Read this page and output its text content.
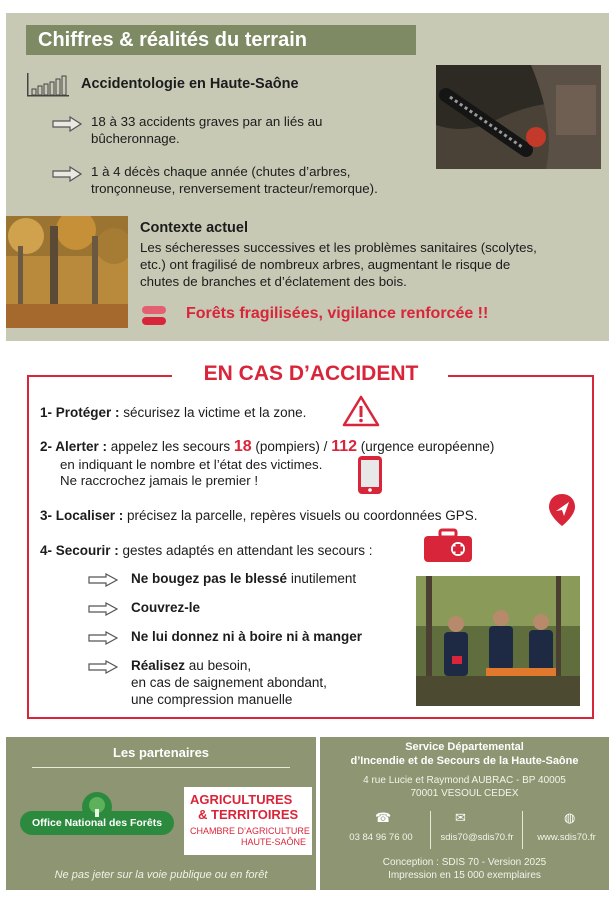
Chiffres & réalités du terrain
Accidentologie en Haute-Saône
18 à 33 accidents graves par an liés au
bûcheronnage.
1 à 4 décès chaque année (chutes d’arbres,
tronçonneuse, renversement tracteur/remorque).
Contexte actuel
Les sécheresses successives et les problèmes sanitaires (scolytes,
etc.) ont fragilisé de nombreux arbres, augmentant le risque de
chutes de branches et d’éclatement des bois.
Forêts fragilisées, vigilance renforcée !!
EN CAS D’ACCIDENT
1- Protéger : sécurisez la victime et la zone.
2- Alerter : appelez les secours 18 (pompiers) / 112 (urgence européenne)
en indiquant le nombre et l’état des victimes.
Ne raccrochez jamais le premier !
3- Localiser : précisez la parcelle, repères visuels ou coordonnées GPS.
4- Secourir : gestes adaptés en attendant les secours :
Ne bougez pas le blessé inutilement
Couvrez-le
Ne lui donnez ni à boire ni à manger
Réalisez au besoin,
en cas de saignement abondant,
une compression manuelle
Les partenaires
Office National des Forêts
AGRICULTURES
& TERRITOIRES
CHAMBRE D’AGRICULTURE
HAUTE-SAÔNE
Ne pas jeter sur la voie publique ou en forêt
Service Départemental
d’Incendie et de Secours de la Haute-Saône
4 rue Lucie et Raymond AUBRAC - BP 40005
70001 VESOUL CEDEX
☎	✉	◍
03 84 96 76 00	sdis70@sdis70.fr	www.sdis70.fr
Conception : SDIS 70 - Version 2025
Impression en 15 000 exemplaires
